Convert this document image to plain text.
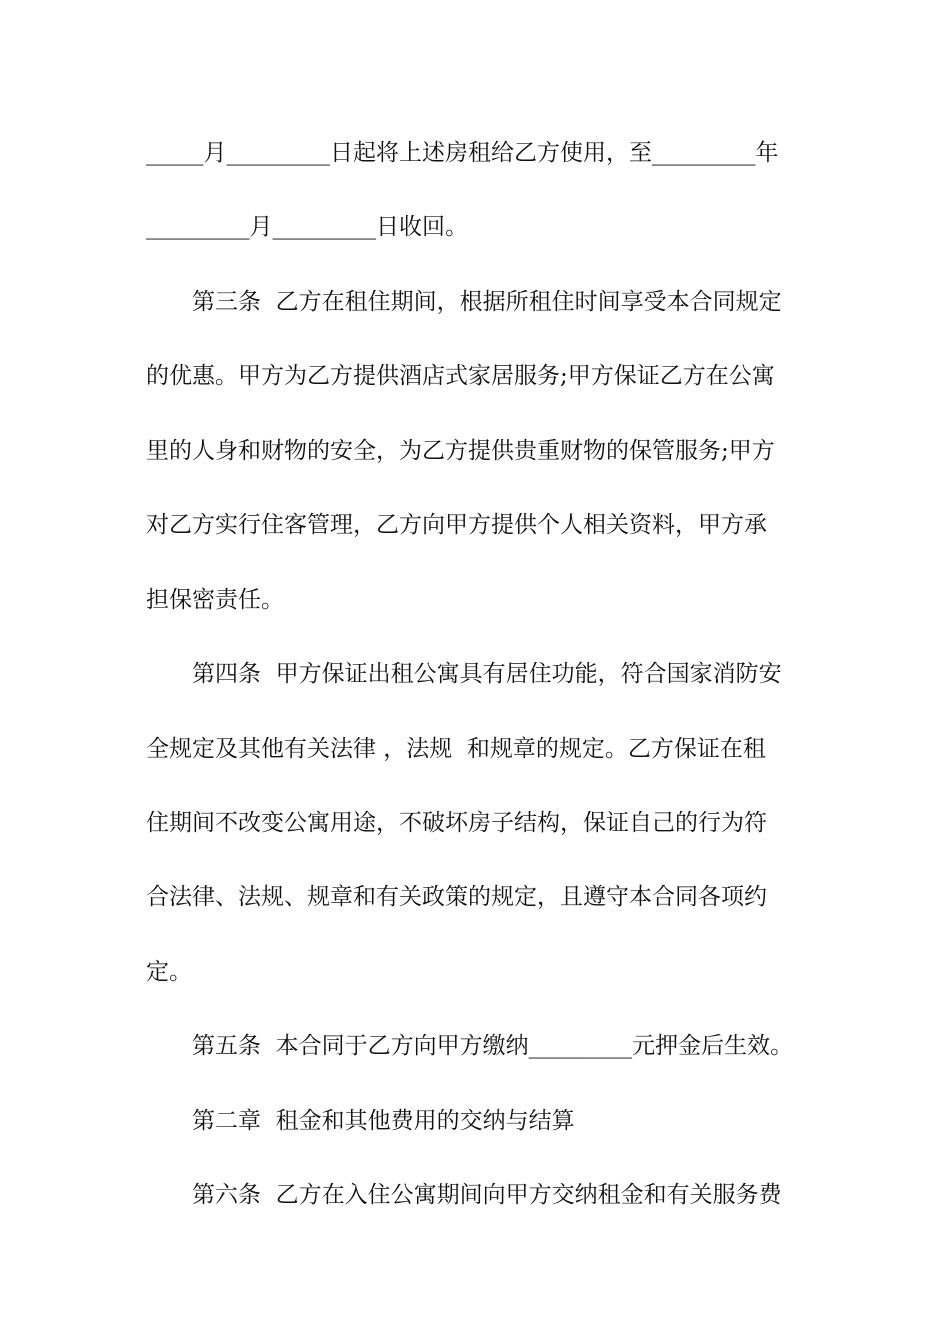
_____月_________日起将上述房租给乙方使用，至_________年
_________月_________日收回。
第三条  乙方在租住期间，根据所租住时间享受本合同规定
的优惠。甲方为乙方提供酒店式家居服务;甲方保证乙方在公寓
里的人身和财物的安全，为乙方提供贵重财物的保管服务;甲方
对乙方实行住客管理，乙方向甲方提供个人相关资料，甲方承
担保密责任。
第四条  甲方保证出租公寓具有居住功能，符合国家消防安
全规定及其他有关法律 ，法规  和规章的规定。乙方保证在租
住期间不改变公寓用途，不破坏房子结构，保证自己的行为符
合法律、法规、规章和有关政策的规定，且遵守本合同各项约
定。
第五条  本合同于乙方向甲方缴纳_________元押金后生效。
第二章  租金和其他费用的交纳与结算
第六条  乙方在入住公寓期间向甲方交纳租金和有关服务费
